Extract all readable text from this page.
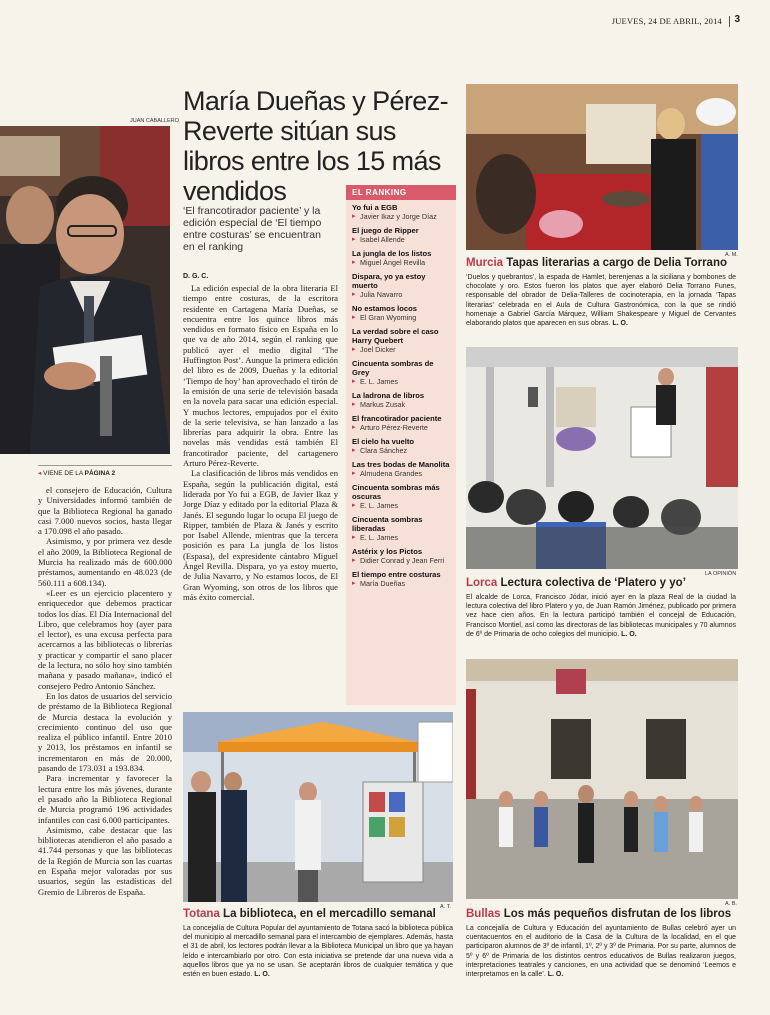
JUEVES, 24 DE ABRIL, 2014 3
JUAN CABALLERO
María Dueñas y Pérez-Reverte sitúan sus libros entre los 15 más vendidos
‘El francotirador paciente’ y la edición especial de ‘El tiempo entre costuras’ se encuentran en el ranking
D. G. C.

La edición especial de la obra literaria El tiempo entre costuras, de la escritora residente en Cartagena María Dueñas, se encuentra entre los quince libros más vendidos en formato físico en España en lo que va de año 2014, según el ranking que publicó ayer el medio digital ‘The Huffington Post’. Aunque la primera edición del libro es de 2009, Dueñas y la editorial ‘Tiempo de hoy’ han aprovechado el tirón de la emisión de una serie de televisión basada en la novela para sacar una edición especial. Y muchos lectores, empujados por el éxito de la serie televisiva, se han lanzado a las librerías para adquirir la obra. Entre las novelas más vendidas está también El francotirador paciente, del cartagenero Arturo Pérez-Reverte.

La clasificación de libros más vendidos en España, según la publicación digital, está liderada por Yo fui a EGB, de Javier Ikaz y Jorge Díaz y editado por la editorial Plaza & Janés. El segundo lugar lo ocupa El juego de Ripper, también de Plaza & Janés y escrito por Isabel Allende, mientras que la tercera posición es para La jungla de los listos (Espasa), del expresidente cántabro Miguel Ángel Revilla. Dispara, yo ya estoy muerto, de Julia Navarro, y No estamos locos, de El Gran Wyoming, son otros de los libros que más éxito comercial.

◂ VIENE DE LA PÁGINA 2

el consejero de Educación, Cultura y Universidades informó también de que la Biblioteca Regional ha ganado casi 7.000 nuevos socios, hasta llegar a 170.098 el año pasado.

Asimismo, y por primera vez desde el año 2009, la Biblioteca Regional de Murcia ha realizado más de 600.000 préstamos, aumentando en 48.023 (de 560.111 a 608.134).

«Leer es un ejercicio placentero y enriquecedor que debemos practicar todos los días. El Día Internacional del Libro, que celebramos hoy (ayer para el lector), es una excusa perfecta para acercarnos a las bibliotecas o librerías y practicar y compartir el sano placer de la lectura, no sólo hoy sino también mañana y pasado mañana», indicó el consejero Pedro Antonio Sánchez.

En los datos de usuarios del servicio de préstamo de la Biblioteca Regional de Murcia destaca la evolución y crecimiento continuo del uso que realiza el público infantil. Entre 2010 y 2013, los préstamos en infantil se incrementaron en más de 20.000, pasando de 173.031 a 193.834.

Para incrementar y favorecer la lectura entre los más jóvenes, durante el pasado año la Biblioteca Regional de Murcia programó 196 actividades infantiles con casi 6.000 participantes.

Asimismo, cabe destacar que las bibliotecas atendieron el año pasado a 41.744 personas y que las bibliotecas de la Región de Murcia son las cuartas en España mejor valoradas por sus usuarios, según las estadísticas del Gremio de Libreros de España.

EL RANKING
Yo fui a EGB
▸ Javier Ikaz y Jorge Díaz
El juego de Ripper
▸ Isabel Allende
La jungla de los listos
▸ Miguel Ángel Revilla
Dispara, yo ya estoy muerto
▸ Julia Navarro
No estamos locos
▸ El Gran Wyoming
La verdad sobre el caso Harry Quebert
▸ Joel Dicker
Cincuenta sombras de Grey
▸ E. L. James
La ladrona de libros
▸ Markus Zusak
El francotirador paciente
▸ Arturo Pérez-Reverte
El cielo ha vuelto
▸ Clara Sánchez
Las tres bodas de Manolita
▸ Almudena Grandes
Cincuenta sombras más oscuras
▸ E. L. James
Cincuenta sombras liberadas
▸ E. L. James
Astérix y los Pictos
▸ Didier Conrad y Jean Ferri
El tiempo entre costuras
▸ María Dueñas
A. M.
Murcia Tapas literarias a cargo de Delia Torrano
‘Duelos y quebrantos’, la espada de Hamlet, berenjenas a la siciliana y bombones de chocolate y oro. Estos fueron los platos que ayer elaboró Delia Torrano Funes, responsable del obrador de Delia-Talleres de cocinoterapia, en la jornada ‘Tapas literarias’ celebrada en el Aula de Cultura Gastronómica, con la que se rindió homenaje a Gabriel García Márquez, William Shakespeare y Miguel de Cervantes elaborando platos que aparecen en sus obras. L. O.
LA OPINIÓN
Lorca Lectura colectiva de ‘Platero y yo’
El alcalde de Lorca, Francisco Jódar, inició ayer en la plaza Real de la ciudad la lectura colectiva del libro Platero y yo, de Juan Ramón Jiménez, publicado por primera vez hace cien años. En la lectura participó también el concejal de Educación, Francisco Montiel, así como las directoras de las bibliotecas municipales y 70 alumnos de 6º de Primaria de ocho colegios del municipio. L. O.
A. T.
Totana La biblioteca, en el mercadillo semanal
La concejalía de Cultura Popular del ayuntamiento de Totana sacó la biblioteca pública del municipio al mercadillo semanal para el intercambio de ejemplares. Además, hasta el 31 de abril, los lectores podrán llevar a la Biblioteca Municipal un libro que ya hayan leído e intercambiarlo por otro. Con esta iniciativa se pretende dar una nueva vida a aquellos libros que ya no se usan. Se aceptarán libros de cualquier temática y que estén en buen estado. L. O.
A. B.
Bullas Los más pequeños disfrutan de los libros
La concejalía de Cultura y Educación del ayuntamiento de Bullas celebró ayer un cuentacuentos en el auditorio de la Casa de la Cultura de la localidad, en el que participaron alumnos de 3º de infantil, 1º, 2º y 3º de Primaria. Por su parte, alumnos de 5º y 6º de Primaria de los distintos centros educativos de Bullas realizaron juegos, interpretaciones teatrales y canciones, en una actividad que se denominó ‘Leemos e interpretamos en la calle’. L. O.
